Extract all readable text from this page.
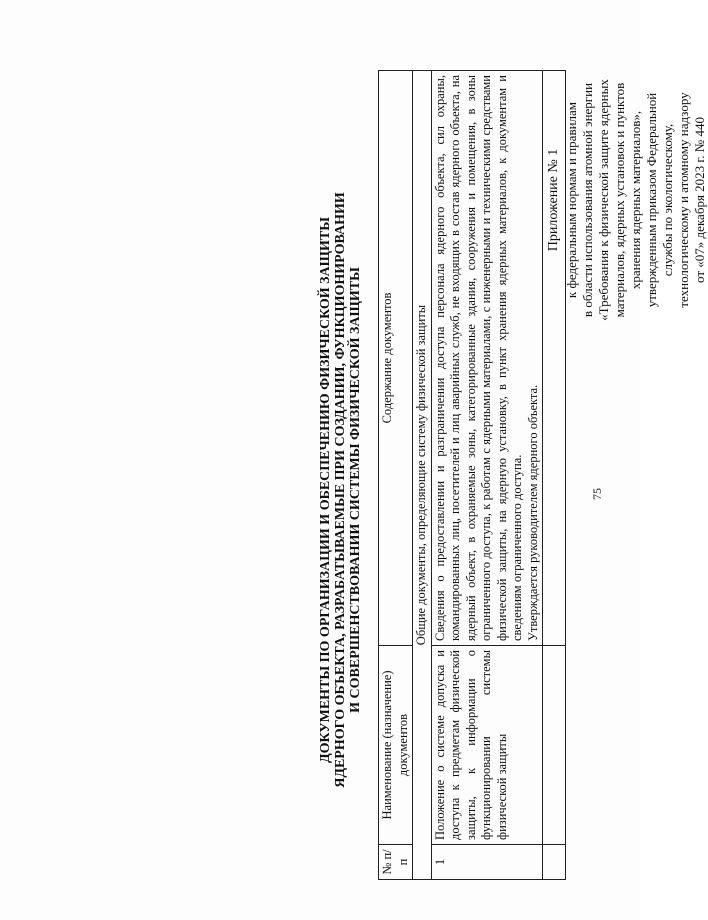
75
Приложение № 1 к федеральным нормам и правилам в области использования атомной энергии «Требования к физической защите ядерных материалов, ядерных установок и пунктов хранения ядерных материалов», утвержденным приказом Федеральной службы по экологическому, технологическому и атомному надзору от «07» декабря 2023 г. № 440
ДОКУМЕНТЫ ПО ОРГАНИЗАЦИИ И ОБЕСПЕЧЕНИЮ ФИЗИЧЕСКОЙ ЗАЩИТЫ ЯДЕРНОГО ОБЪЕКТА, РАЗРАБАТЫВАЕМЫЕ ПРИ СОЗДАНИИ, ФУНКЦИОНИРОВАНИИ И СОВЕРШЕНСТВОВАНИИ СИСТЕМЫ ФИЗИЧЕСКОЙ ЗАЩИТЫ
№ п/п	Наименование (назначение) документов	Содержание документов
Общие документы, определяющие систему физической защиты		
1	Положение о системе допуска и доступа к предметам физической защиты, к информации о функционировании системы физической защиты	Сведения о предоставлении и разграничении доступа персонала ядерного объекта, сил охраны, командированных лиц, посетителей и лиц аварийных служб, не входящих в состав ядерного объекта, на ядерный объект, в охраняемые зоны, категорированные здания, сооружения и помещения, в зоны ограниченного доступа, к работам с ядерными материалами, с инженерными и техническими средствами физической защиты, на ядерную установку, в пункт хранения ядерных материалов, к документам и сведениям ограниченного доступа. Утверждается руководителем ядерного объекта.
